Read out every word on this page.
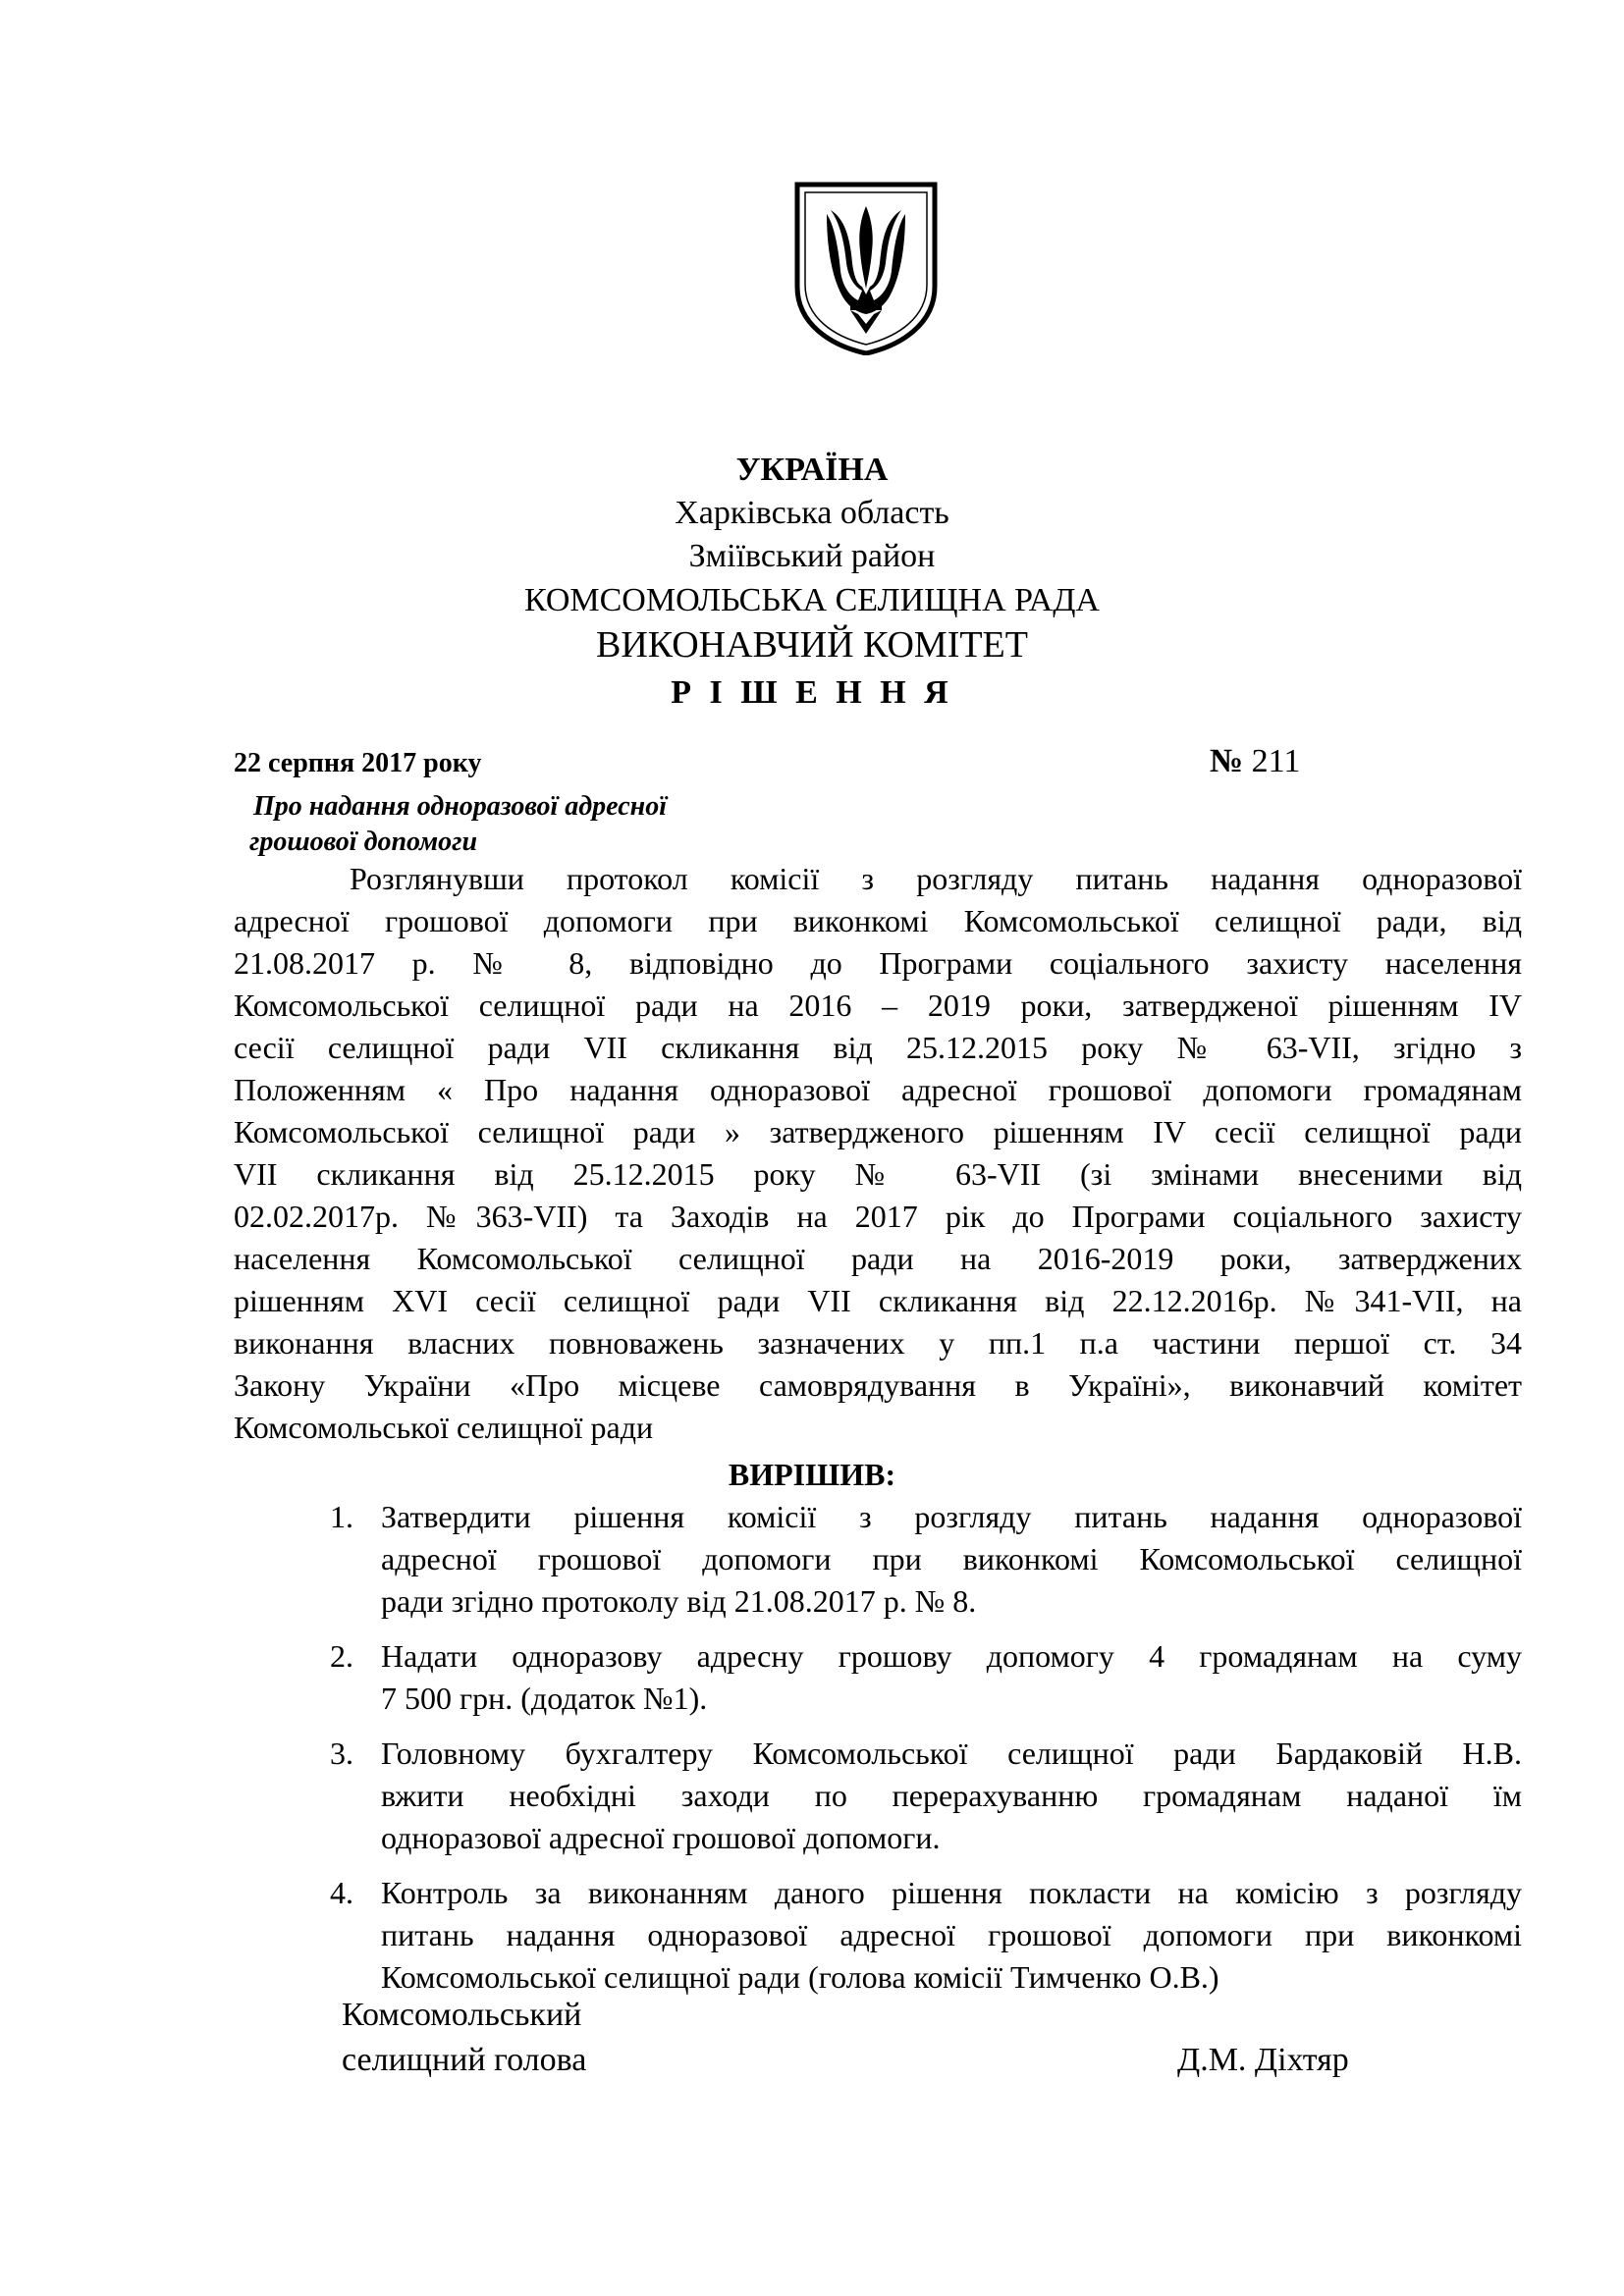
УКРАЇНА
Харківська область
Зміївський район
КОМСОМОЛЬСЬКА СЕЛИЩНА РАДА
ВИКОНАВЧИЙ КОМІТЕТ
Р І Ш Е Н Н Я
22 серпня 2017 року	№ 211
Про надання одноразової адресної
грошової допомоги
Розглянувши протокол комісії з розгляду питань надання одноразової
адресної грошової допомоги при виконкомі Комсомольської селищної ради, від
21.08.2017 р. № 8, відповідно до Програми соціального захисту населення
Комсомольської селищної ради на 2016 – 2019 роки, затвердженої рішенням IV
сесії селищної ради VII скликання від 25.12.2015 року № 63-VII, згідно з
Положенням « Про надання одноразової адресної грошової допомоги громадянам
Комсомольської селищної ради » затвердженого рішенням IV сесії селищної ради
VII скликання від 25.12.2015 року № 63-VII (зі змінами внесеними від
02.02.2017р. №363-VII) та Заходів на 2017 рік до Програми соціального захисту
населення Комсомольської селищної ради на 2016-2019 роки, затверджених
рішенням XVI сесії селищної ради VII скликання від 22.12.2016р. №341-VII, на
виконання власних повноважень зазначених у пп.1 п.а частини першої ст. 34
Закону України «Про місцеве самоврядування в Україні», виконавчий комітет
Комсомольської селищної ради
ВИРІШИВ:
1. Затвердити рішення комісії з розгляду питань надання одноразової
адресної грошової допомоги при виконкомі Комсомольської селищної
ради згідно протоколу від 21.08.2017 р. № 8.
2. Надати одноразову адресну грошову допомогу 4 громадянам на суму
7 500 грн. (додаток №1).
3. Головному бухгалтеру Комсомольської селищної ради Бардаковій Н.В.
вжити необхідні заходи по перерахуванню громадянам наданої їм
одноразової адресної грошової допомоги.
4. Контроль за виконанням даного рішення покласти на комісію з розгляду
питань надання одноразової адресної грошової допомоги при виконкомі
Комсомольської селищної ради (голова комісії Тимченко О.В.)
Комсомольський
селищний голова	Д.М. Діхтяр
